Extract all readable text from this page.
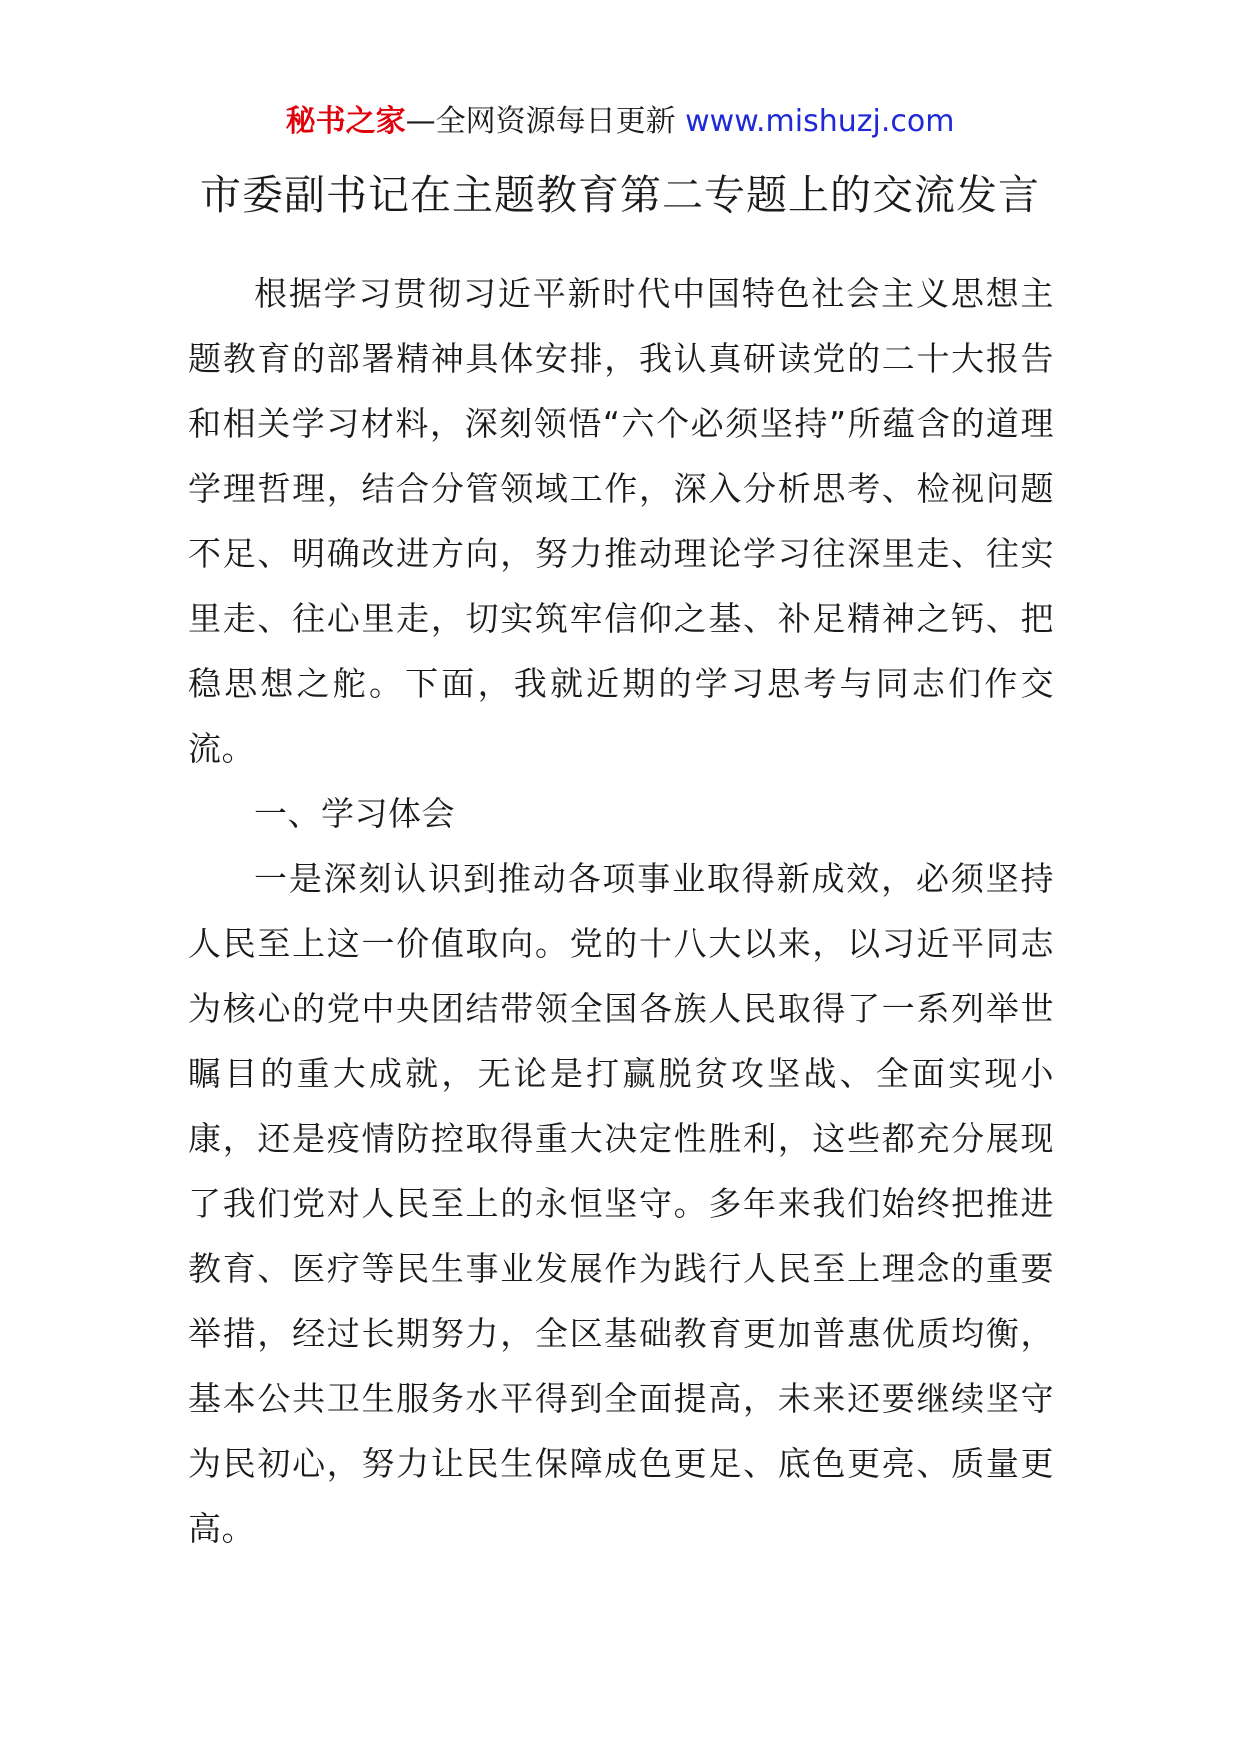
秘书之家—全网资源每日更新 www.mishuzj.com
市委副书记在主题教育第二专题上的交流发言

根据学习贯彻习近平新时代中国特色社会主义思想主题教育的部署精神具体安排，我认真研读党的二十大报告和相关学习材料，深刻领悟“六个必须坚持”所蕴含的道理学理哲理，结合分管领域工作，深入分析思考、检视问题不足、明确改进方向，努力推动理论学习往深里走、往实里走、往心里走，切实筑牢信仰之基、补足精神之钙、把稳思想之舵。下面，我就近期的学习思考与同志们作交流。

一、学习体会

一是深刻认识到推动各项事业取得新成效，必须坚持人民至上这一价值取向。党的十八大以来，以习近平同志为核心的党中央团结带领全国各族人民取得了一系列举世瞩目的重大成就，无论是打赢脱贫攻坚战、全面实现小康，还是疫情防控取得重大决定性胜利，这些都充分展现了我们党对人民至上的永恒坚守。多年来我们始终把推进教育、医疗等民生事业发展作为践行人民至上理念的重要举措，经过长期努力，全区基础教育更加普惠优质均衡，基本公共卫生服务水平得到全面提高，未来还要继续坚守为民初心，努力让民生保障成色更足、底色更亮、质量更高。
